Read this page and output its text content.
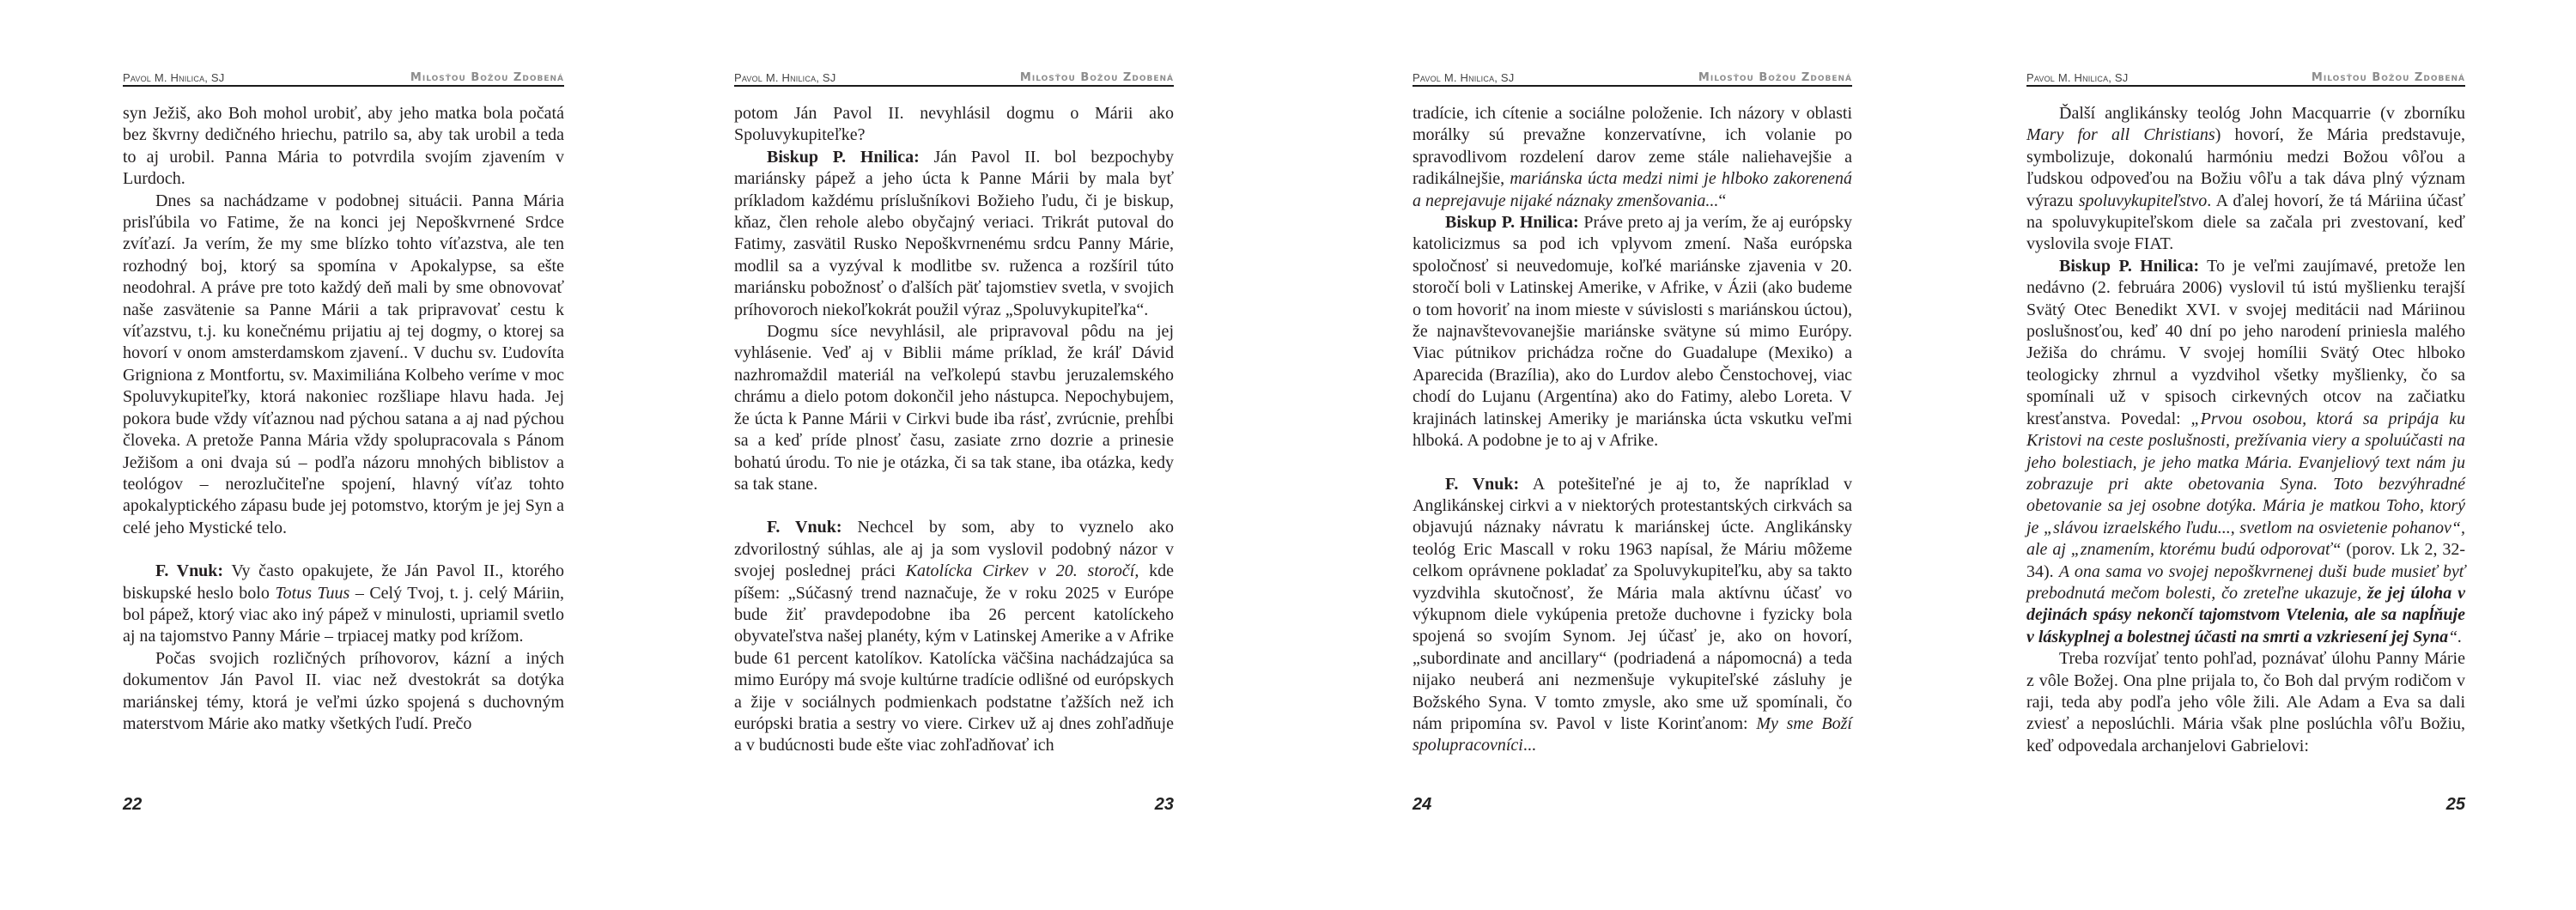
Pavol M. Hnilica, SJ	Milosťou Božou Zdobená

syn Ježiš, ako Boh mohol urobiť, aby jeho matka bola počatá bez škvrny dedičného hriechu, patrilo sa, aby tak urobil a teda to aj urobil. Panna Mária to potvrdila svojím zjavením v Lurdoch.

Dnes sa nachádzame v podobnej situácii. Panna Mária prisľúbila vo Fatime, že na konci jej Nepoškvrnené Srdce zvíťazí. Ja verím, že my sme blízko tohto víťazstva, ale ten rozhodný boj, ktorý sa spomína v Apokalypse, sa ešte neodohral. A práve pre toto každý deň mali by sme obnovovať naše zasvätenie sa Panne Márii a tak pripravovať cestu k víťazstvu, t.j. ku konečnému prijatiu aj tej dogmy, o ktorej sa hovorí v onom amsterdamskom zjavení.. V duchu sv. Ľudovíta Grigniona z Montfortu, sv. Maximiliána Kolbeho veríme v moc Spoluvykupiteľky, ktorá nakoniec rozšliape hlavu hada. Jej pokora bude vždy víťaznou nad pýchou satana a aj nad pýchou človeka. A pretože Panna Mária vždy spolupracovala s Pánom Ježišom a oni dvaja sú – podľa názoru mnohých biblistov a teológov – nerozlučiteľne spojení, hlavný víťaz tohto apokalyptického zápasu bude jej potomstvo, ktorým je jej Syn a celé jeho Mystické telo.

F. Vnuk: Vy často opakujete, že Ján Pavol II., ktorého biskupské heslo bolo Totus Tuus – Celý Tvoj, t. j. celý Máriin, bol pápež, ktorý viac ako iný pápež v minulosti, upriamil svetlo aj na tajomstvo Panny Márie – trpiacej matky pod krížom.

Počas svojich rozličných príhovorov, kázní a iných dokumentov Ján Pavol II. viac než dvestokrát sa dotýka mariánskej témy, ktorá je veľmi úzko spojená s duchovným materstvom Márie ako matky všetkých ľudí. Prečo

22
Pavol M. Hnilica, SJ	Milosťou Božou Zdobená

potom Ján Pavol II. nevyhlásil dogmu o Márii ako Spoluvykupiteľke?

Biskup P. Hnilica: Ján Pavol II. bol bezpochyby mariánsky pápež a jeho úcta k Panne Márii by mala byť príkladom každému príslušníkovi Božieho ľudu, či je biskup, kňaz, člen rehole alebo obyčajný veriaci. Trikrát putoval do Fatimy, zasvätil Rusko Nepoškvrnenému srdcu Panny Márie, modlil sa a vyzýval k modlitbe sv. ruženca a rozšíril túto mariánsku pobožnosť o ďalších päť tajomstiev svetla, v svojich príhovoroch niekoľkokrát použil výraz „Spoluvykupiteľka“.

Dogmu síce nevyhlásil, ale pripravoval pôdu na jej vyhlásenie. Veď aj v Biblii máme príklad, že kráľ Dávid nazhromaždil materiál na veľkolepú stavbu jeruzalemského chrámu a dielo potom dokončil jeho nástupca. Nepochybujem, že úcta k Panne Márii v Cirkvi bude iba rásť, zvrúcnie, prehĺbi sa a keď príde plnosť času, zasiate zrno dozrie a prinesie bohatú úrodu. To nie je otázka, či sa tak stane, iba otázka, kedy sa tak stane.

F. Vnuk: Nechcel by som, aby to vyznelo ako zdvorilostný súhlas, ale aj ja som vyslovil podobný názor v svojej poslednej práci Katolícka Cirkev v 20. storočí, kde píšem: „Súčasný trend naznačuje, že v roku 2025 v Európe bude žiť pravdepodobne iba 26 percent katolíckeho obyvateľstva našej planéty, kým v Latinskej Amerike a v Afrike bude 61 percent katolíkov. Katolícka väčšina nachádzajúca sa mimo Európy má svoje kultúrne tradície odlišné od európskych a žije v sociálnych podmienkach podstatne ťažších než ich európski bratia a sestry vo viere. Cirkev už aj dnes zohľadňuje a v budúcnosti bude ešte viac zohľadňovať ich

23
Pavol M. Hnilica, SJ	Milosťou Božou Zdobená

tradície, ich cítenie a sociálne položenie. Ich názory v oblasti morálky sú prevažne konzervatívne, ich volanie po spravodlivom rozdelení darov zeme stále naliehavejšie a radikálnejšie, mariánska úcta medzi nimi je hlboko zakorenená a neprejavuje nijaké náznaky zmenšovania...“

Biskup P. Hnilica: Práve preto aj ja verím, že aj európsky katolicizmus sa pod ich vplyvom zmení. Naša európska spoločnosť si neuvedomuje, koľké mariánske zjavenia v 20. storočí boli v Latinskej Amerike, v Afrike, v Ázii (ako budeme o tom hovoriť na inom mieste v súvislosti s mariánskou úctou), že najnavštevovanejšie mariánske svätyne sú mimo Európy. Viac pútnikov prichádza ročne do Guadalupe (Mexiko) a Aparecida (Brazília), ako do Lurdov alebo Čenstochovej, viac chodí do Lujanu (Argentína) ako do Fatimy, alebo Loreta. V krajinách latinskej Ameriky je mariánska úcta vskutku veľmi hlboká. A podobne je to aj v Afrike.

F. Vnuk: A potešiteľné je aj to, že napríklad v Anglikánskej cirkvi a v niektorých protestantských cirkvách sa objavujú náznaky návratu k mariánskej úcte. Anglikánsky teológ Eric Mascall v roku 1963 napísal, že Máriu môžeme celkom oprávnene pokladať za Spoluvykupiteľku, aby sa takto vyzdvihla skutočnosť, že Mária mala aktívnu účasť vo výkupnom diele vykúpenia pretože duchovne i fyzicky bola spojená so svojím Synom. Jej účasť je, ako on hovorí, „subordinate and ancillary“ (podriadená a nápomocná) a teda nijako neuberá ani nezmenšuje vykupiteľské zásluhy je Božského Syna. V tomto zmysle, ako sme už spomínali, čo nám pripomína sv. Pavol v liste Korinťanom: My sme Boží spolupracovníci...

24
Pavol M. Hnilica, SJ	Milosťou Božou Zdobená

Ďalší anglikánsky teológ John Macquarrie (v zborníku Mary for all Christians) hovorí, že Mária predstavuje, symbolizuje, dokonalú harmóniu medzi Božou vôľou a ľudskou odpoveďou na Božiu vôľu a tak dáva plný význam výrazu spoluvykupiteľstvo. A ďalej hovorí, že tá Máriina účasť na spoluvykupiteľskom diele sa začala pri zvestovaní, keď vyslovila svoje FIAT.

Biskup P. Hnilica: To je veľmi zaujímavé, pretože len nedávno (2. februára 2006) vyslovil tú istú myšlienku terajší Svätý Otec Benedikt XVI. v svojej meditácii nad Máriinou poslušnosťou, keď 40 dní po jeho narodení priniesla malého Ježiša do chrámu. V svojej homílii Svätý Otec hlboko teologicky zhrnul a vyzdvihol všetky myšlienky, čo sa spomínali už v spisoch cirkevných otcov na začiatku kresťanstva. Povedal: „Prvou osobou, ktorá sa pripája ku Kristovi na ceste poslušnosti, prežívania viery a spoluúčasti na jeho bolestiach, je jeho matka Mária. Evanjeliový text nám ju zobrazuje pri akte obetovania Syna. Toto bezvýhradné obetovanie sa jej osobne dotýka. Mária je matkou Toho, ktorý je „slávou izraelského ľudu..., svetlom na osvietenie pohanov“, ale aj „znamením, ktorému budú odporovať“ (porov. Lk 2, 32-34). A ona sama vo svojej nepoškvrnenej duši bude musieť byť prebodnutá mečom bolesti, čo zreteľne ukazuje, že jej úloha v dejinách spásy nekončí tajomstvom Vtelenia, ale sa napĺňuje v láskyplnej a bolestnej účasti na smrti a vzkriesení jej Syna“.

Treba rozvíjať tento pohľad, poznávať úlohu Panny Márie z vôle Božej. Ona plne prijala to, čo Boh dal prvým rodičom v raji, teda aby podľa jeho vôle žili. Ale Adam a Eva sa dali zviesť a neposlúchli. Mária však plne poslúchla vôľu Božiu, keď odpovedala archanjelovi Gabrielovi:

25
